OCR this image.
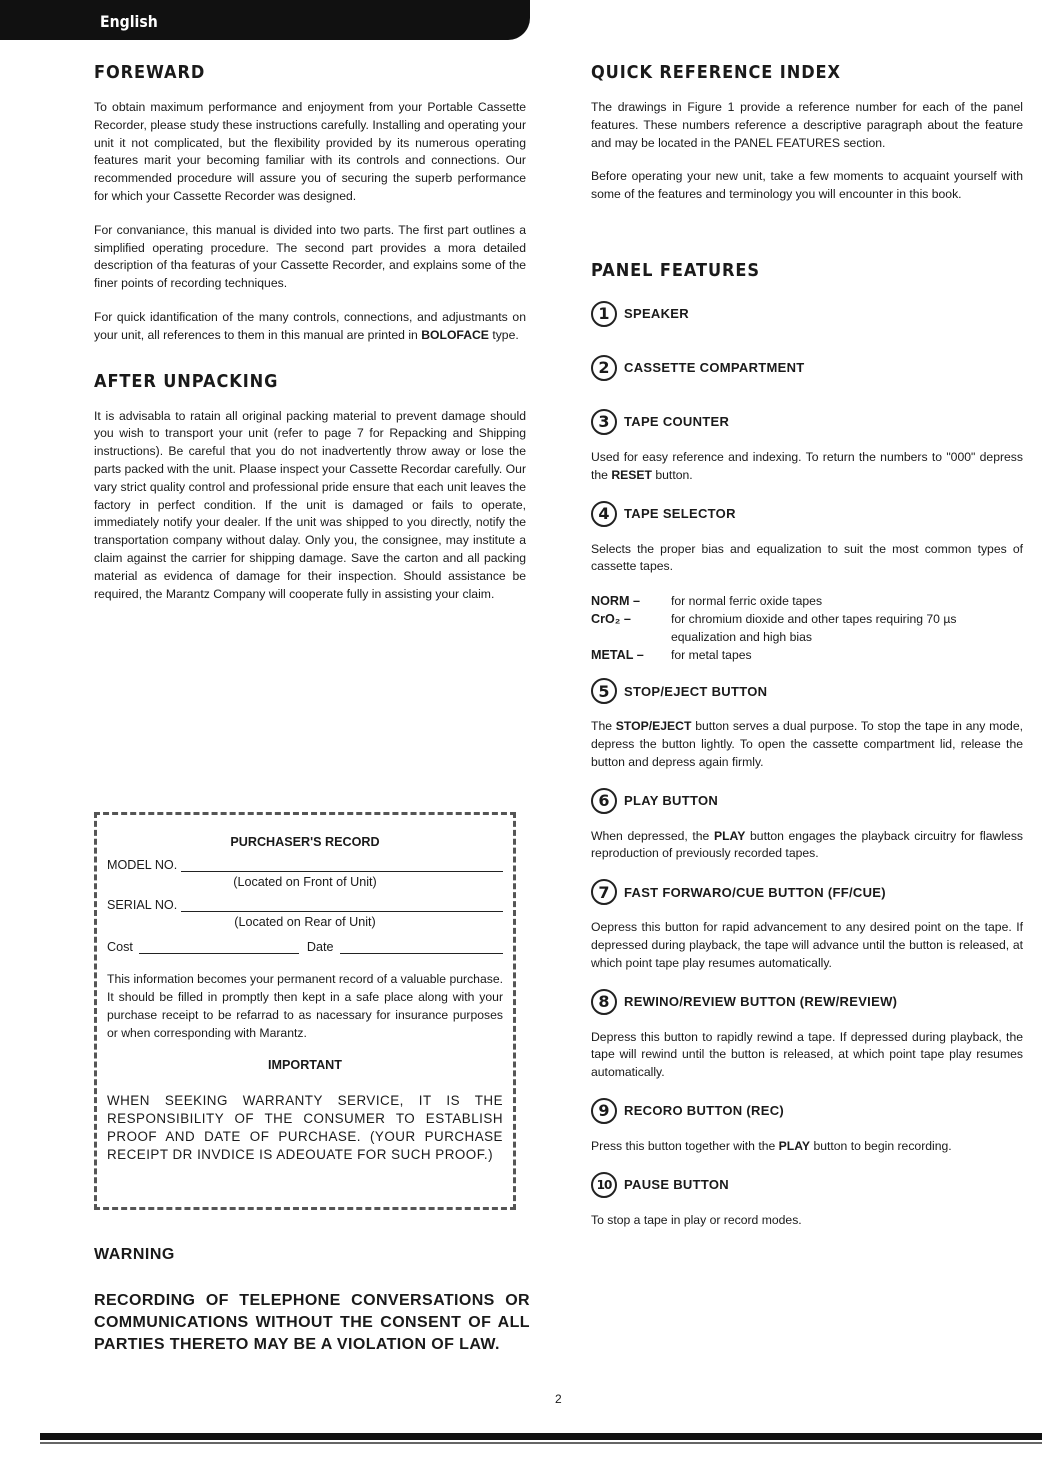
English
FOREWARD

To obtain maximum performance and enjoyment from your Portable Cassette Recorder, please study these instructions carefully. Installing and operating your unit it not complicated, but the flexibility provided by its numerous operating features marit your becoming familiar with its controls and connections. Our recommended procedure will assure you of securing the superb performance for which your Cassette Recorder was designed.

For convaniance, this manual is divided into two parts. The first part outlines a simplified operating procedure. The second part provides a mora detailed description of tha featuras of your Cassette Recorder, and explains some of the finer points of recording techniques.

For quick idantification of the many controls, connections, and adjustmants on your unit, all references to them in this manual are printed in BOLOFACE type.

AFTER UNPACKING

It is advisabla to ratain all original packing material to prevent damage should you wish to transport your unit (refer to page 7 for Repacking and Shipping instructions). Be careful that you do not inadvertently throw away or lose the parts packed with the unit. Plaase inspect your Cassette Recordar carefully. Our vary strict quality control and professional pride ensure that each unit leaves the factory in perfect condition. If the unit is damaged or fails to operate, immediately notify your dealer. If the unit was shipped to you directly, notify the transportation company without dalay. Only you, the consignee, may institute a claim against the carrier for shipping damage. Save the carton and all packing material as evidenca of damage for their inspection. Should assistance be required, the Marantz Company will cooperate fully in assisting your claim.

PURCHASER'S RECORD
MODEL NO.
(Located on Front of Unit)
SERIAL NO.
(Located on Rear of Unit)
Cost	Date

This information becomes your permanent record of a valuable purchase. It should be filled in promptly then kept in a safe place along with your purchase receipt to be refarrad to as nacessary for insurance purposes or when corresponding with Marantz.

IMPORTANT
WHEN SEEKING WARRANTY SERVICE, IT IS THE RESPONSIBILITY OF THE CONSUMER TO ESTABLISH PROOF AND DATE OF PURCHASE. (YOUR PURCHASE RECEIPT DR INVDICE IS ADEOUATE FOR SUCH PROOF.)
WARNING
RECORDING OF TELEPHONE CONVERSATIONS OR COMMUNICATIONS WITHOUT THE CONSENT OF ALL PARTIES THERETO MAY BE A VIOLATION OF LAW.
QUICK REFERENCE INDEX

The drawings in Figure 1 provide a reference number for each of the panel features. These numbers reference a descriptive paragraph about the feature and may be located in the PANEL FEATURES section.

Before operating your new unit, take a few moments to acquaint yourself with some of the features and terminology you will encounter in this book.

PANEL FEATURES
1	SPEAKER
2	CASSETTE COMPARTMENT
3	TAPE COUNTER

Used for easy reference and indexing. To return the numbers to "000" depress the RESET button.

4	TAPE SELECTOR

Selects the proper bias and equalization to suit the most common types of cassette tapes.

NORM –	for normal ferric oxide tapes
CrO₂ –	for chromium dioxide and other tapes requiring 70 µs equalization and high bias
METAL –	for metal tapes
5	STOP/EJECT BUTTON

The STOP/EJECT button serves a dual purpose. To stop the tape in any mode, depress the button lightly. To open the cassette compartment lid, release the button and depress again firmly.

6	PLAY BUTTON

When depressed, the PLAY button engages the playback circuitry for flawless reproduction of previously recorded tapes.

7	FAST FORWARO/CUE BUTTON (FF/CUE)

Oepress this button for rapid advancement to any desired point on the tape. If depressed during playback, the tape will advance until the button is released, at which point tape play resumes automatically.

8	REWINO/REVIEW BUTTON (REW/REVIEW)

Depress this button to rapidly rewind a tape. If depressed during playback, the tape will rewind until the button is released, at which point tape play resumes automatically.

9	RECORO BUTTON (REC)

Press this button together with the PLAY button to begin recording.

10 PAUSE BUTTON

To stop a tape in play or record modes.

2
